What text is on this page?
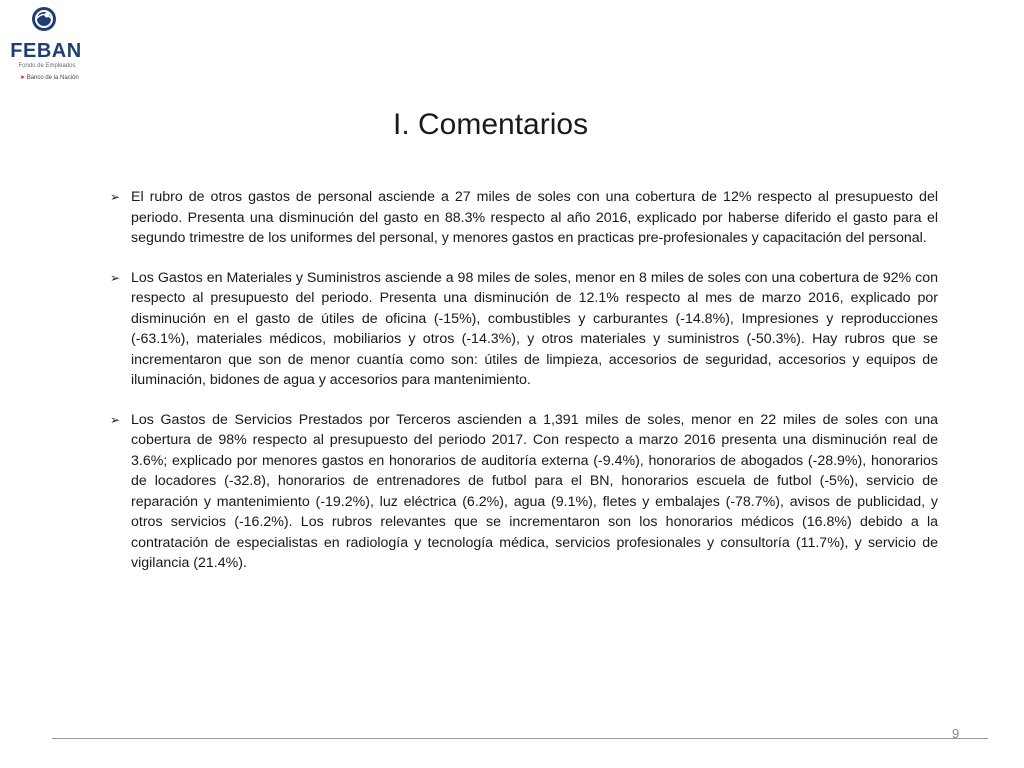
FEBAN
Fondo de Empleados
➤ Banco de la Nación
I. Comentarios
➢ El rubro de otros gastos de personal asciende a 27 miles de soles con una cobertura de 12% respecto al presupuesto del periodo. Presenta una disminución del gasto en 88.3% respecto al año 2016, explicado por haberse diferido el gasto para el segundo trimestre de los uniformes del personal, y menores gastos en practicas pre-profesionales y capacitación del personal.
➢ Los Gastos en Materiales y Suministros asciende a 98 miles de soles, menor en 8 miles de soles con una cobertura de 92% con respecto al presupuesto del periodo. Presenta una disminución de 12.1% respecto al mes de marzo 2016, explicado por disminución en el gasto de útiles de oficina (-15%), combustibles y carburantes (-14.8%), Impresiones y reproducciones (-63.1%), materiales médicos, mobiliarios y otros (-14.3%), y otros materiales y suministros (-50.3%). Hay rubros que se incrementaron que son de menor cuantía como son: útiles de limpieza, accesorios de seguridad, accesorios y equipos de iluminación, bidones de agua y accesorios para mantenimiento.
➢ Los Gastos de Servicios Prestados por Terceros ascienden a 1,391 miles de soles, menor en 22 miles de soles con una cobertura de 98% respecto al presupuesto del periodo 2017. Con respecto a marzo 2016 presenta una disminución real de 3.6%; explicado por menores gastos en honorarios de auditoría externa (-9.4%), honorarios de abogados (-28.9%), honorarios de locadores (-32.8), honorarios de entrenadores de futbol para el BN, honorarios escuela de futbol (-5%), servicio de reparación y mantenimiento (-19.2%), luz eléctrica (6.2%), agua (9.1%), fletes y embalajes (-78.7%), avisos de publicidad, y otros servicios (-16.2%). Los rubros relevantes que se incrementaron son los honorarios médicos (16.8%) debido a la contratación de especialistas en radiología y tecnología médica, servicios profesionales y consultoría (11.7%), y servicio de vigilancia (21.4%).
9
